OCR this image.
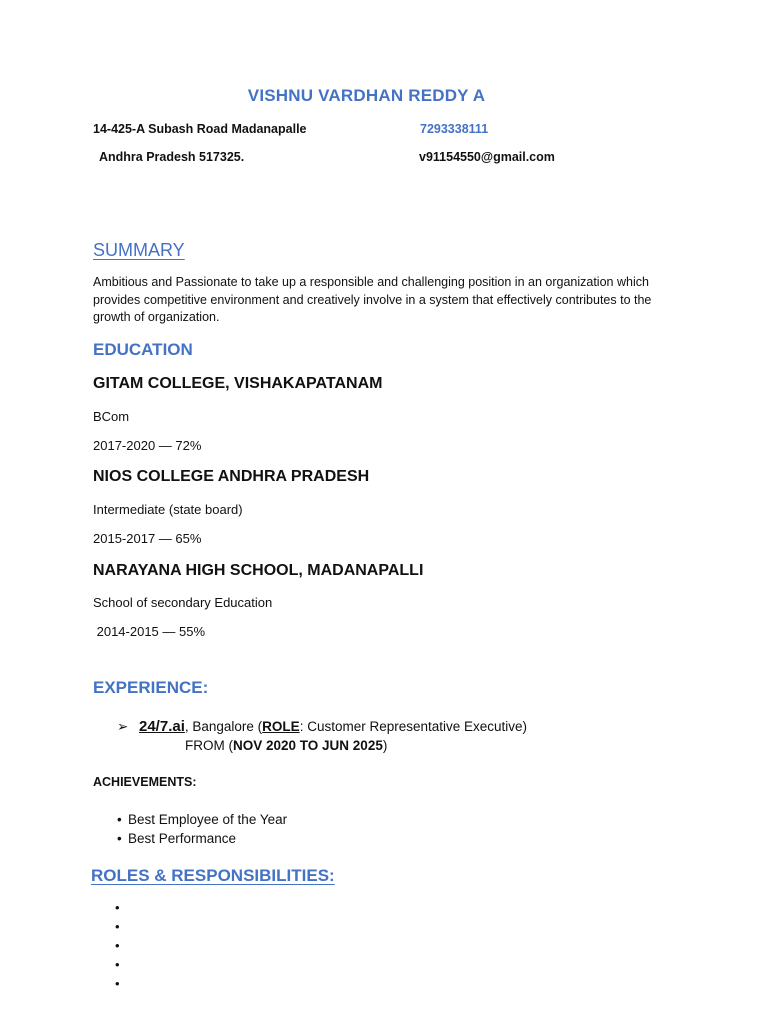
VISHNU VARDHAN REDDY A
14-425-A Subash Road Madanapalle	7293338111
Andhra Pradesh 517325.	v91154550@gmail.com
SUMMARY
Ambitious and Passionate to take up a responsible and challenging position in an organization which provides competitive environment and creatively involve in a system that effectively contributes to the growth of organization.
EDUCATION
GITAM COLLEGE, VISHAKAPATANAM
BCom
2017-2020 — 72%
NIOS COLLEGE ANDHRA PRADESH
Intermediate (state board)
2015-2017 — 65%
NARAYANA HIGH SCHOOL, MADANAPALLI
School of secondary Education
2014-2015 — 55%
EXPERIENCE:
➢ 24/7.ai, Bangalore (ROLE: Customer Representative Executive)
FROM (NOV 2020 TO JUN 2025)
ACHIEVEMENTS:
• Best Employee of the Year
• Best Performance
ROLES & RESPONSIBILITIES:
•
•
•
•
•
